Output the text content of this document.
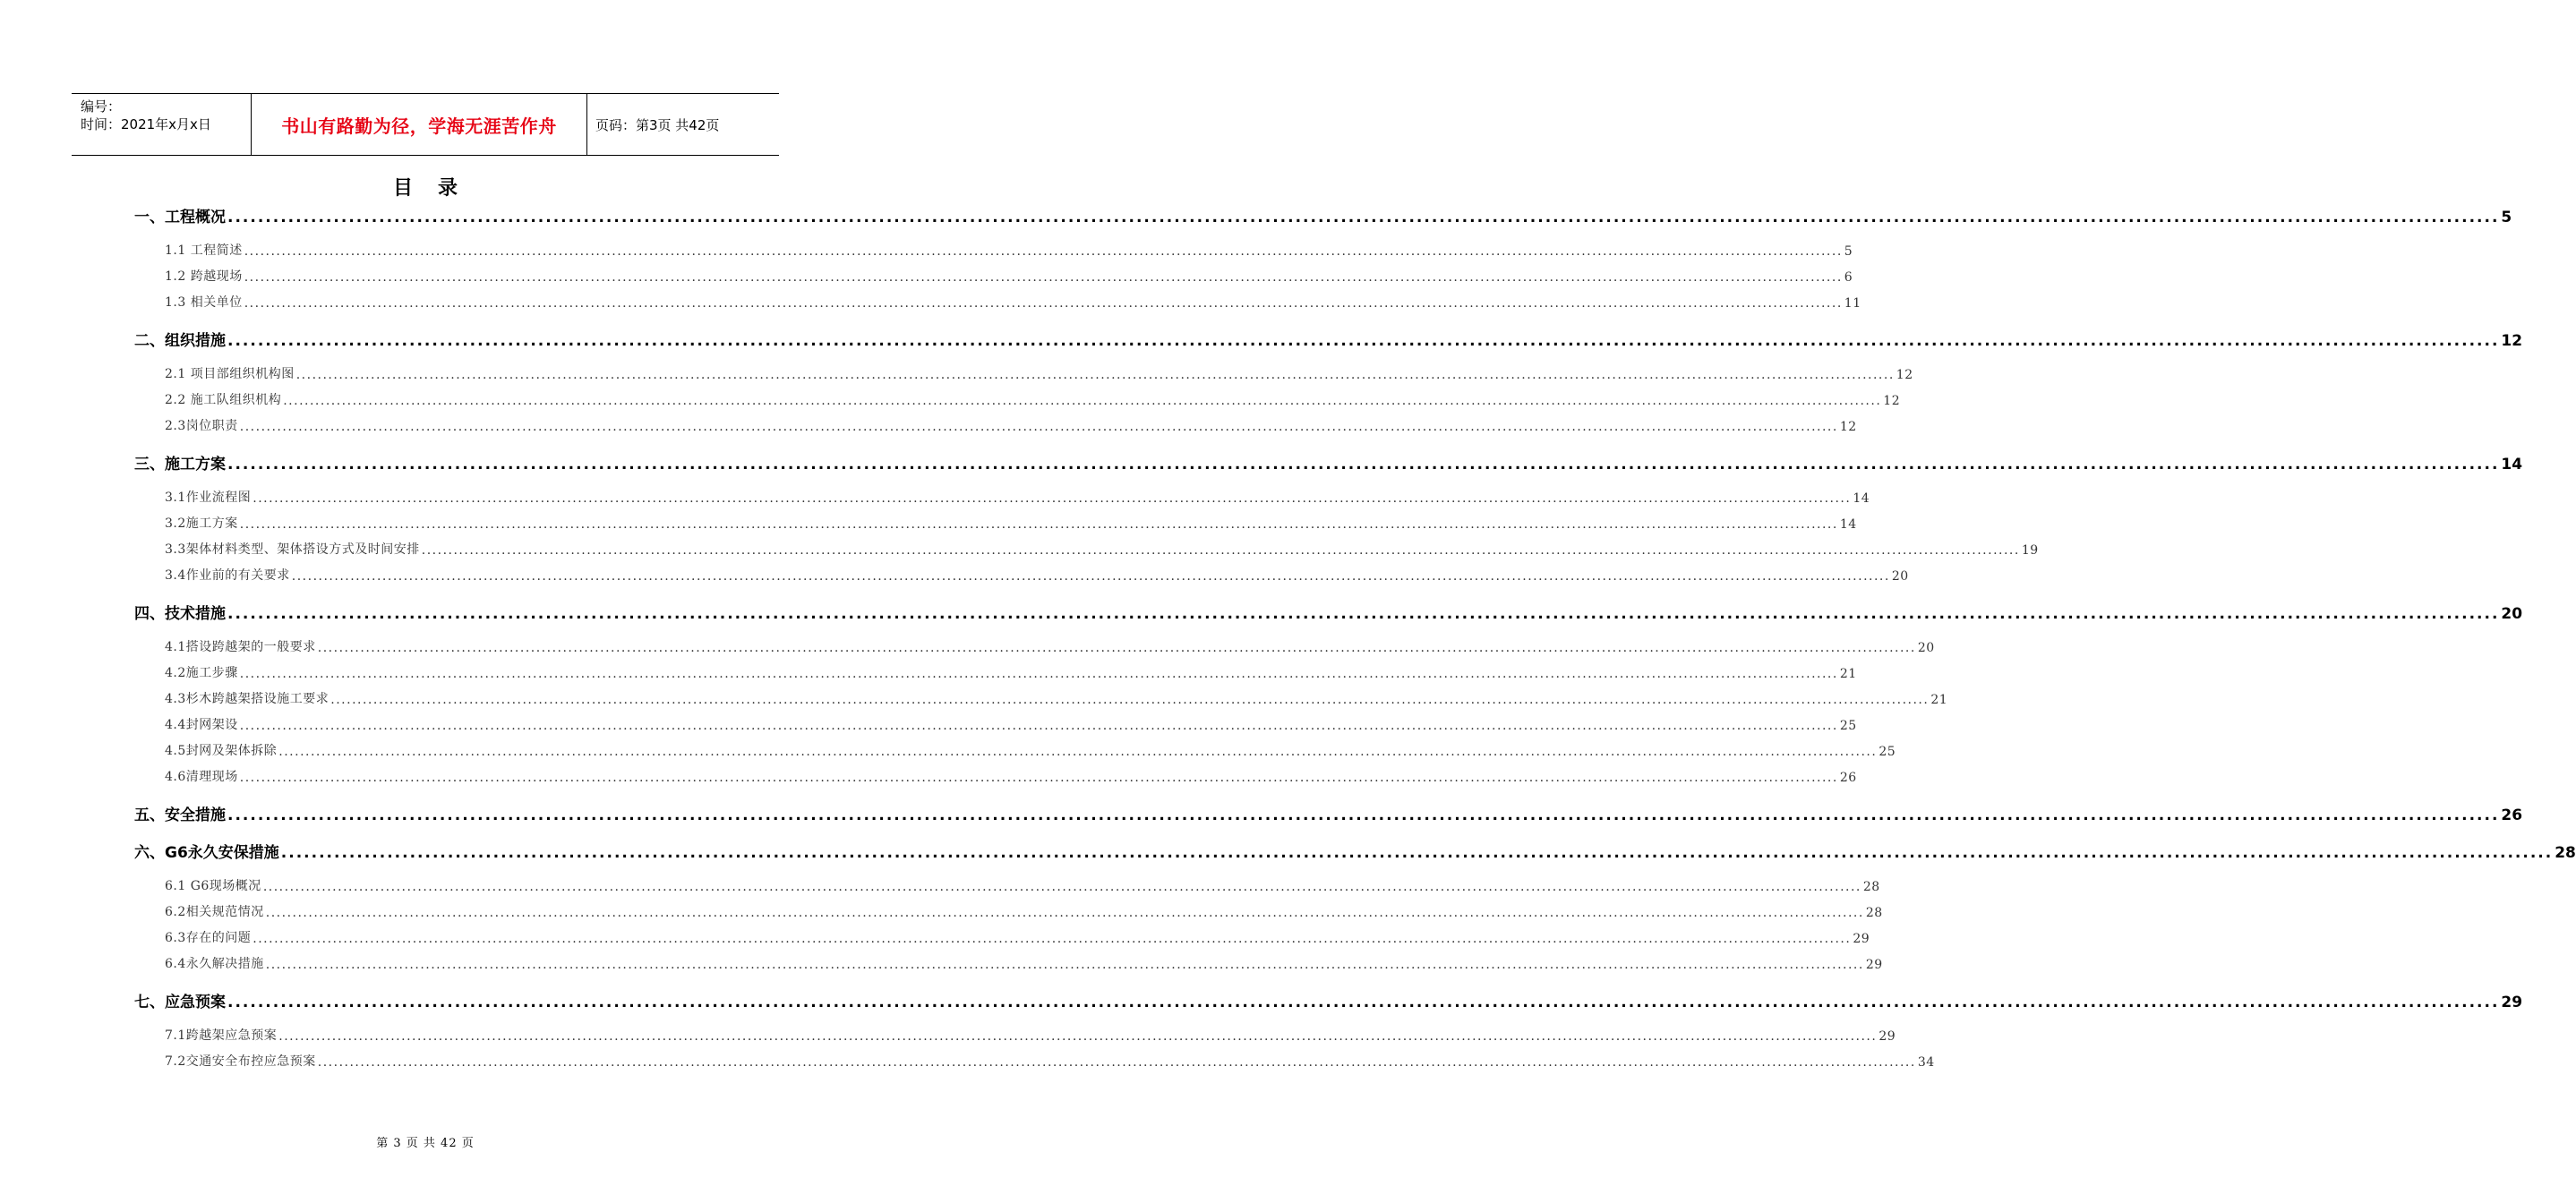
编号：
时间：2021年x月x日	书山有路勤为径，学海无涯苦作舟	页码：第3页 共42页
目录
一、工程概况 ............................................................................................................................................................................................................................................................................................................ 5
1.1 工程简述 ............................................................................................................................................................................................................................................................................................................ 5
1.2 跨越现场 ............................................................................................................................................................................................................................................................................................................ 6
1.3 相关单位 ............................................................................................................................................................................................................................................................................................................ 11
二、组织措施 ............................................................................................................................................................................................................................................................................................................ 12
2.1 项目部组织机构图 ............................................................................................................................................................................................................................................................................................................ 12
2.2 施工队组织机构 ............................................................................................................................................................................................................................................................................................................ 12
2.3岗位职责 ............................................................................................................................................................................................................................................................................................................ 12
三、施工方案 ............................................................................................................................................................................................................................................................................................................ 14
3.1作业流程图 ............................................................................................................................................................................................................................................................................................................ 14
3.2施工方案 ............................................................................................................................................................................................................................................................................................................ 14
3.3架体材料类型、架体搭设方式及时间安排 ............................................................................................................................................................................................................................................................................................................ 19
3.4作业前的有关要求 ............................................................................................................................................................................................................................................................................................................ 20
四、技术措施 ............................................................................................................................................................................................................................................................................................................ 20
4.1搭设跨越架的一般要求 ............................................................................................................................................................................................................................................................................................................ 20
4.2施工步骤 ............................................................................................................................................................................................................................................................................................................ 21
4.3杉木跨越架搭设施工要求 ............................................................................................................................................................................................................................................................................................................ 21
4.4封网架设 ............................................................................................................................................................................................................................................................................................................ 25
4.5封网及架体拆除 ............................................................................................................................................................................................................................................................................................................ 25
4.6清理现场 ............................................................................................................................................................................................................................................................................................................ 26
五、安全措施 ............................................................................................................................................................................................................................................................................................................ 26
六、G6永久安保措施 ............................................................................................................................................................................................................................................................................................................ 28
6.1 G6现场概况 ............................................................................................................................................................................................................................................................................................................ 28
6.2相关规范情况 ............................................................................................................................................................................................................................................................................................................ 28
6.3存在的问题 ............................................................................................................................................................................................................................................................................................................ 29
6.4永久解决措施 ............................................................................................................................................................................................................................................................................................................ 29
七、应急预案 ............................................................................................................................................................................................................................................................................................................ 29
7.1跨越架应急预案 ............................................................................................................................................................................................................................................................................................................ 29
7.2交通安全布控应急预案 ............................................................................................................................................................................................................................................................................................................ 34
第 3 页 共 42 页
